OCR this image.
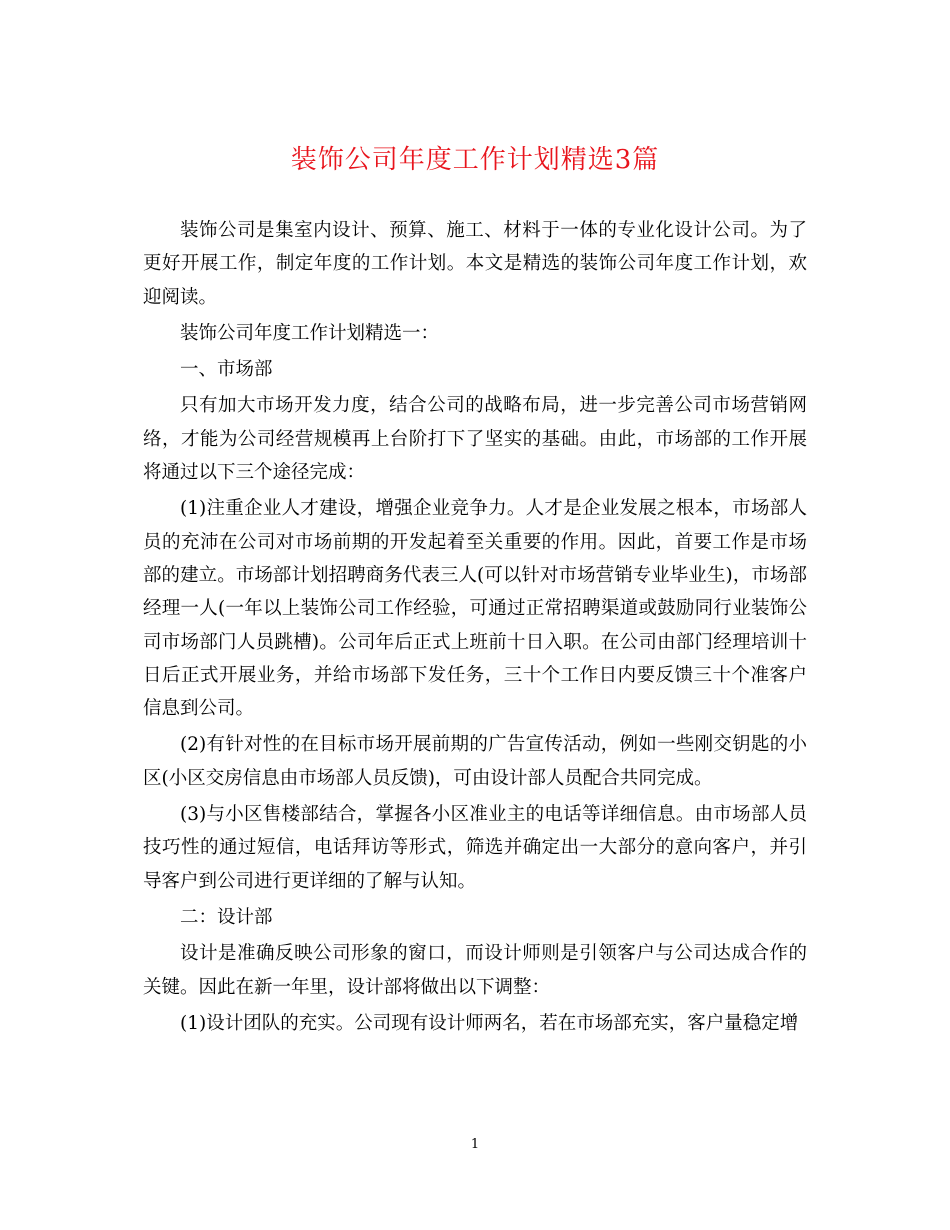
装饰公司年度工作计划精选3篇

装饰公司是集室内设计、预算、施工、材料于一体的专业化设计公司。为了更好开展工作，制定年度的工作计划。本文是精选的装饰公司年度工作计划，欢迎阅读。

装饰公司年度工作计划精选一：

一、市场部

只有加大市场开发力度，结合公司的战略布局，进一步完善公司市场营销网络，才能为公司经营规模再上台阶打下了坚实的基础。由此，市场部的工作开展将通过以下三个途径完成：

(1)注重企业人才建设，增强企业竞争力。人才是企业发展之根本，市场部人员的充沛在公司对市场前期的开发起着至关重要的作用。因此，首要工作是市场部的建立。市场部计划招聘商务代表三人(可以针对市场营销专业毕业生)，市场部经理一人(一年以上装饰公司工作经验，可通过正常招聘渠道或鼓励同行业装饰公司市场部门人员跳槽)。公司年后正式上班前十日入职。在公司由部门经理培训十日后正式开展业务，并给市场部下发任务，三十个工作日内要反馈三十个准客户信息到公司。

(2)有针对性的在目标市场开展前期的广告宣传活动，例如一些刚交钥匙的小区(小区交房信息由市场部人员反馈)，可由设计部人员配合共同完成。

(3)与小区售楼部结合，掌握各小区准业主的电话等详细信息。由市场部人员技巧性的通过短信，电话拜访等形式，筛选并确定出一大部分的意向客户，并引导客户到公司进行更详细的了解与认知。

二：设计部

设计是准确反映公司形象的窗口，而设计师则是引领客户与公司达成合作的关键。因此在新一年里，设计部将做出以下调整：

(1)设计团队的充实。公司现有设计师两名，若在市场部充实，客户量稳定增

1
